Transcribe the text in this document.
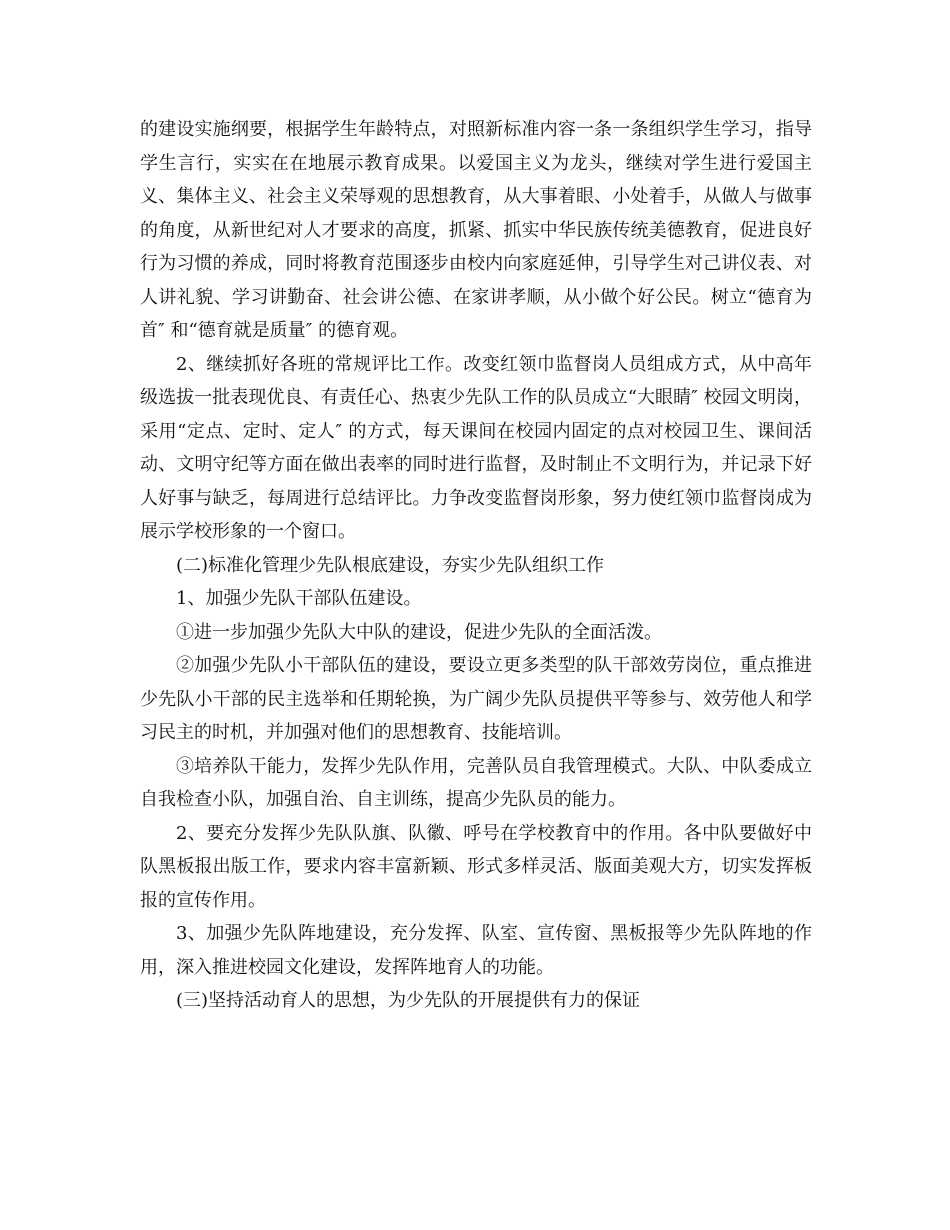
的建设实施纲要，根据学生年龄特点，对照新标准内容一条一条组织学生学习，指导学生言行，实实在在地展示教育成果。以爱国主义为龙头，继续对学生进行爱国主义、集体主义、社会主义荣辱观的思想教育，从大事着眼、小处着手，从做人与做事的角度，从新世纪对人才要求的高度，抓紧、抓实中华民族传统美德教育，促进良好行为习惯的养成，同时将教育范围逐步由校内向家庭延伸，引导学生对己讲仪表、对人讲礼貌、学习讲勤奋、社会讲公德、在家讲孝顺，从小做个好公民。树立“德育为首″ 和“德育就是质量″ 的德育观。

2、继续抓好各班的常规评比工作。改变红领巾监督岗人员组成方式，从中高年级选拔一批表现优良、有责任心、热衷少先队工作的队员成立“大眼睛″ 校园文明岗，采用“定点、定时、定人″ 的方式，每天课间在校园内固定的点对校园卫生、课间活动、文明守纪等方面在做出表率的同时进行监督，及时制止不文明行为，并记录下好人好事与缺乏，每周进行总结评比。力争改变监督岗形象，努力使红领巾监督岗成为展示学校形象的一个窗口。

(二)标准化管理少先队根底建设，夯实少先队组织工作

1、加强少先队干部队伍建设。

①进一步加强少先队大中队的建设，促进少先队的全面活泼。

②加强少先队小干部队伍的建设，要设立更多类型的队干部效劳岗位，重点推进少先队小干部的民主选举和任期轮换，为广阔少先队员提供平等参与、效劳他人和学习民主的时机，并加强对他们的思想教育、技能培训。

③培养队干能力，发挥少先队作用，完善队员自我管理模式。大队、中队委成立自我检查小队，加强自治、自主训练，提高少先队员的能力。

2、要充分发挥少先队队旗、队徽、呼号在学校教育中的作用。各中队要做好中队黑板报出版工作，要求内容丰富新颖、形式多样灵活、版面美观大方，切实发挥板报的宣传作用。

3、加强少先队阵地建设，充分发挥、队室、宣传窗、黑板报等少先队阵地的作用，深入推进校园文化建设，发挥阵地育人的功能。

(三)坚持活动育人的思想，为少先队的开展提供有力的保证
